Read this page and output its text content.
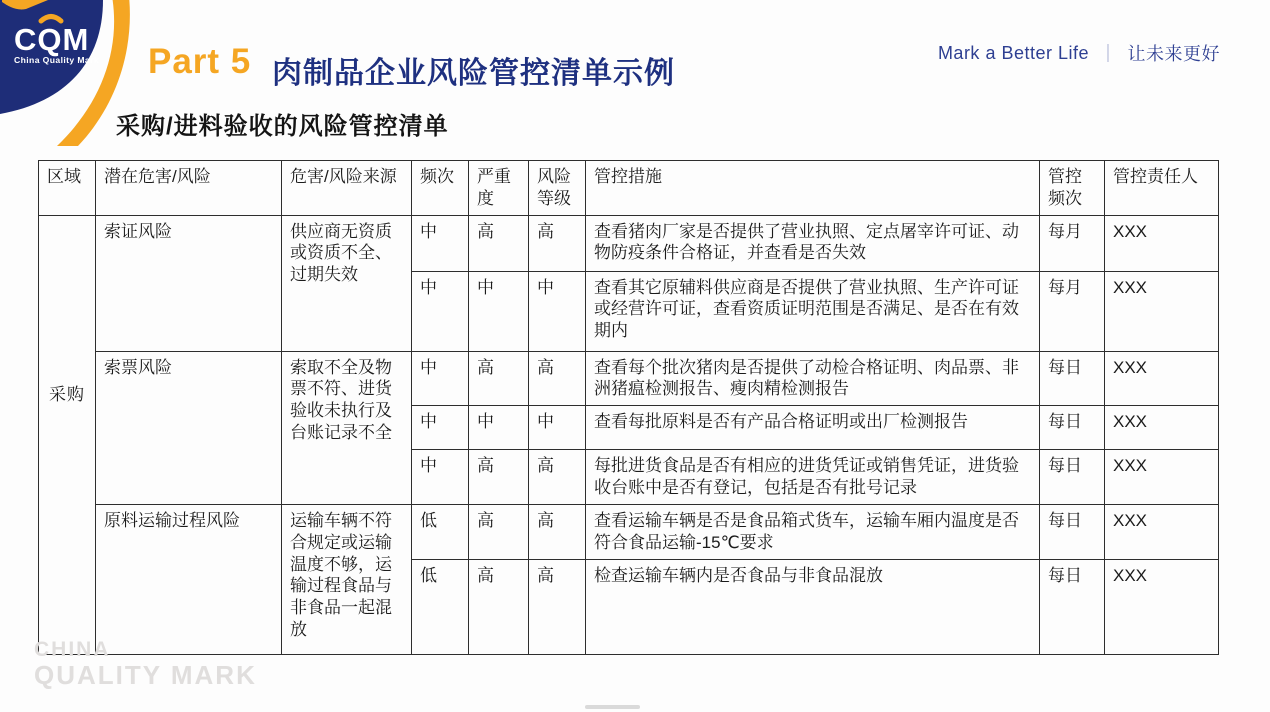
CQM
China Quality Mark Part 5 肉制品企业风险管控清单示例
Mark a Better Life ｜ 让未来更好
采购/进料验收的风险管控清单
区域	潜在危害/风险	危害/风险来源	频次	严重度	风险等级	管控措施	管控频次	管控责任人
采购	索证风险	供应商无资质或资质不全、过期失效	中	高	高	查看猪肉厂家是否提供了营业执照、定点屠宰许可证、动物防疫条件合格证，并查看是否失效	每月	XXX
			中	中	中	查看其它原辅料供应商是否提供了营业执照、生产许可证或经营许可证，查看资质证明范围是否满足、是否在有效期内	每月	XXX
	索票风险	索取不全及物票不符、进货验收未执行及台账记录不全	中	高	高	查看每个批次猪肉是否提供了动检合格证明、肉品票、非洲猪瘟检测报告、瘦肉精检测报告	每日	XXX
			中	中	中	查看每批原料是否有产品合格证明或出厂检测报告	每日	XXX
			中	高	高	每批进货食品是否有相应的进货凭证或销售凭证，进货验收台账中是否有登记，包括是否有批号记录	每日	XXX
	原料运输过程风险	运输车辆不符合规定或运输温度不够，运输过程食品与非食品一起混放	低	高	高	查看运输车辆是否是食品箱式货车，运输车厢内温度是否符合食品运输-15℃要求	每日	XXX
			低	高	高	检查运输车辆内是否食品与非食品混放	每日	XXX
CHINA
QUALITY MARK
